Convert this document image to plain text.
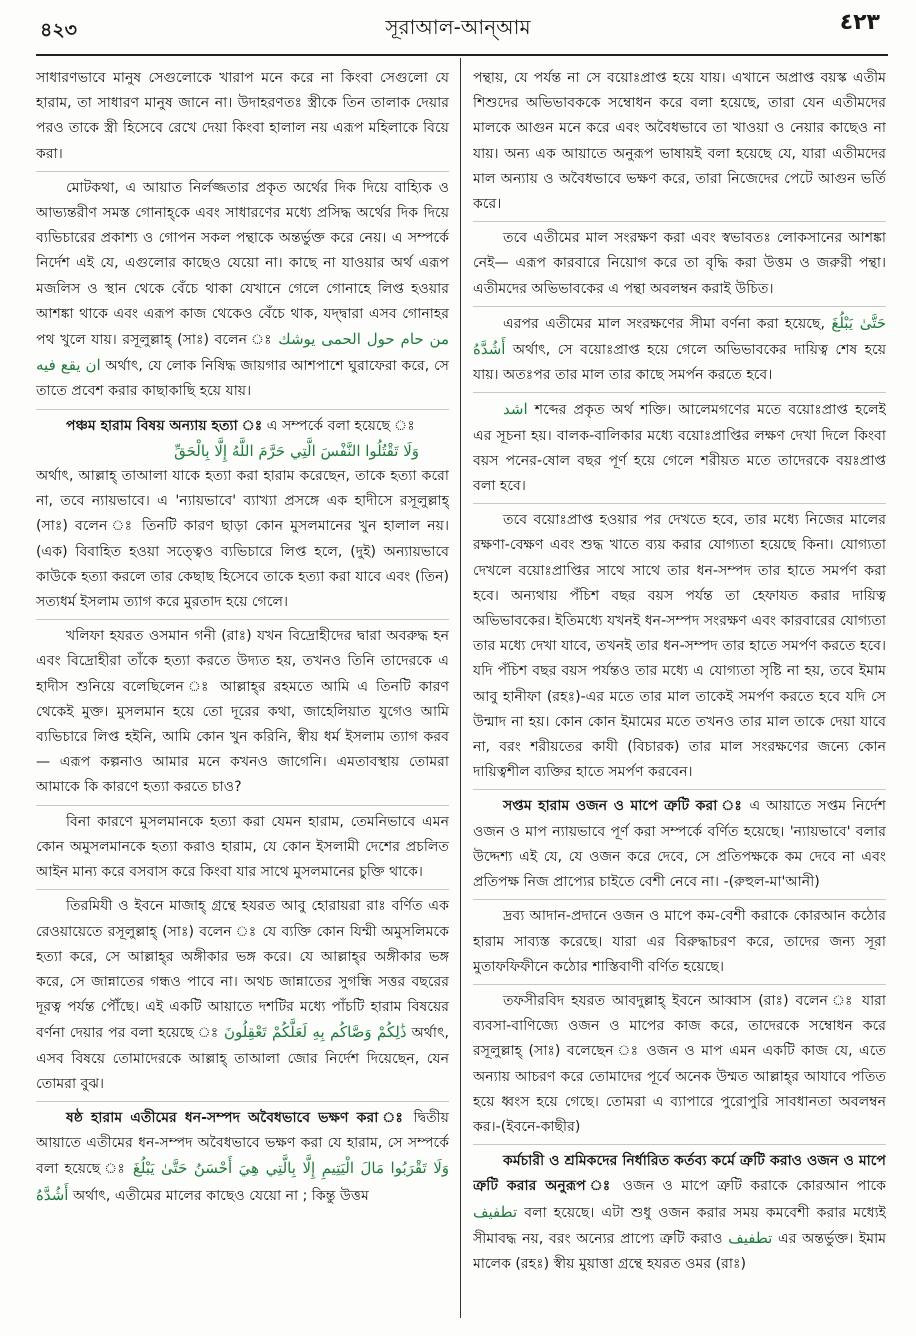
৪২৩	সূরাআল-আন্আম	٤٢٣

সাধারণভাবে মানুষ সেগুলোকে খারাপ মনে করে না কিংবা সেগুলো যে হারাম, তা সাধারণ মানুষ জানে না। উদাহরণতঃ স্ত্রীকে তিন তালাক দেয়ার পরও তাকে স্ত্রী হিসেবে রেখে দেয়া কিংবা হালাল নয় এরূপ মহিলাকে বিয়ে করা।

মোটকথা, এ আয়াত নির্লজ্জতার প্রকৃত অর্থের দিক দিয়ে বাহ্যিক ও আভ্যন্তরীণ সমস্ত গোনাহ্‌কে এবং সাধারণের মধ্যে প্রসিদ্ধ অর্থের দিক দিয়ে ব্যভিচারের প্রকাশ্য ও গোপন সকল পন্থাকে অন্তর্ভুক্ত করে নেয়। এ সম্পর্কে নির্দেশ এই যে, এগুলোর কাছেও যেয়ো না। কাছে না যাওয়ার অর্থ এরূপ মজলিস ও স্থান থেকে বেঁচে থাকা যেখানে গেলে গোনাহে লিপ্ত হওয়ার আশঙ্কা থাকে এবং এরূপ কাজ থেকেও বেঁচে থাক, যদ্দ্বারা এসব গোনাহর পথ খুলে যায়। রসূলুল্লাহ্ (সাঃ) বলেন ঃ من حام حول الحمى يوشك ان يقع فيه অর্থাৎ, যে লোক নিষিদ্ধ জায়গার আশপাশে ঘুরাফেরা করে, সে তাতে প্রবেশ করার কাছাকাছি হয়ে যায়।

পঞ্চম হারাম বিষয় অন্যায় হত্যা ঃ এ সম্পর্কে বলা হয়েছে ঃ
وَلَا تَقْتُلُوا النَّفْسَ الَّتِي حَرَّمَ اللَّهُ إِلَّا بِالْحَقِّ
অর্থাৎ, আল্লাহ্ তাআলা যাকে হত্যা করা হারাম করেছেন, তাকে হত্যা করো না, তবে ন্যায়ভাবে। এ 'ন্যায়ভাবে' ব্যাখ্যা প্রসঙ্গে এক হাদীসে রসূলুল্লাহ্ (সাঃ) বলেন ঃ তিনটি কারণ ছাড়া কোন মুসলমানের খুন হালাল নয়। (এক) বিবাহিত হওয়া সত্ত্বেও ব্যভিচারে লিপ্ত হলে, (দুই) অন্যায়ভাবে কাউকে হত্যা করলে তার কেছাছ হিসেবে তাকে হত্যা করা যাবে এবং (তিন) সত্যধর্ম ইসলাম ত্যাগ করে মুরতাদ হয়ে গেলে।

খলিফা হযরত ওসমান গনী (রাঃ) যখন বিদ্রোহীদের দ্বারা অবরুদ্ধ হন এবং বিদ্রোহীরা তাঁকে হত্যা করতে উদ্যত হয়, তখনও তিনি তাদেরকে এ হাদীস শুনিয়ে বলেছিলেন ঃ আল্লাহ্‌র রহমতে আমি এ তিনটি কারণ থেকেই মুক্ত। মুসলমান হয়ে তো দূরের কথা, জাহেলিয়াত যুগেও আমি ব্যভিচারে লিপ্ত হইনি, আমি কোন খুন করিনি, স্বীয় ধর্ম ইসলাম ত্যাগ করব— এরূপ কল্পনাও আমার মনে কখনও জাগেনি। এমতাবস্থায় তোমরা আমাকে কি কারণে হত্যা করতে চাও?

বিনা কারণে মুসলমানকে হত্যা করা যেমন হারাম, তেমনিভাবে এমন কোন অমুসলমানকে হত্যা করাও হারাম, যে কোন ইসলামী দেশের প্রচলিত আইন মান্য করে বসবাস করে কিংবা যার সাথে মুসলমানের চুক্তি থাকে।

তিরমিযী ও ইবনে মাজাহ্ গ্রন্থে হযরত আবু হোরায়রা রাঃ বর্ণিত এক রেওয়ায়েতে রসূলুল্লাহ্ (সাঃ) বলেন ঃ যে ব্যক্তি কোন যিম্মী অমুসলিমকে হত্যা করে, সে আল্লাহ্‌র অঙ্গীকার ভঙ্গ করে। যে আল্লাহ্‌র অঙ্গীকার ভঙ্গ করে, সে জান্নাতের গন্ধও পাবে না। অথচ জান্নাতের সুগন্ধি সত্তর বছরের দূরত্ব পর্যন্ত পৌঁছে। এই একটি আয়াতে দশটির মধ্যে পাঁচটি হারাম বিষয়ের বর্ণনা দেয়ার পর বলা হয়েছে ঃ ذَٰلِكُمْ وَصَّاكُم بِهِ لَعَلَّكُمْ تَعْقِلُونَ অর্থাৎ, এসব বিষয়ে তোমাদেরকে আল্লাহ্ তাআলা জোর নির্দেশ দিয়েছেন, যেন তোমরা বুঝ।

ষষ্ঠ হারাম এতীমের ধন-সম্পদ অবৈধভাবে ভক্ষণ করা ঃ দ্বিতীয় আয়াতে এতীমের ধন-সম্পদ অবৈধভাবে ভক্ষণ করা যে হারাম, সে সম্পর্কে বলা হয়েছে ঃ وَلَا تَقْرَبُوا مَالَ الْيَتِيمِ إِلَّا بِالَّتِي هِيَ أَحْسَنُ حَتَّىٰ يَبْلُغَ أَشُدَّهُ অর্থাৎ, এতীমের মালের কাছেও যেয়ো না ; কিন্তু উত্তম

পন্থায়, যে পর্যন্ত না সে বয়োঃপ্রাপ্ত হয়ে যায়। এখানে অপ্রাপ্ত বয়স্ক এতীম শিশুদের অভিভাবককে সম্বোধন করে বলা হয়েছে, তারা যেন এতীমদের মালকে আগুন মনে করে এবং অবৈধভাবে তা খাওয়া ও নেয়ার কাছেও না যায়। অন্য এক আয়াতে অনুরূপ ভাষায়ই বলা হয়েছে যে, যারা এতীমদের মাল অন্যায় ও অবৈধভাবে ভক্ষণ করে, তারা নিজেদের পেটে আগুন ভর্তি করে।

তবে এতীমের মাল সংরক্ষণ করা এবং স্বভাবতঃ লোকসানের আশঙ্কা নেই— এরূপ কারবারে নিয়োগ করে তা বৃদ্ধি করা উত্তম ও জরুরী পন্থা। এতীমদের অভিভাবকের এ পন্থা অবলম্বন করাই উচিত।

এরপর এতীমের মাল সংরক্ষণের সীমা বর্ণনা করা হয়েছে, حَتَّىٰ يَبْلُغَ أَشُدَّهُ অর্থাৎ, সে বয়োঃপ্রাপ্ত হয়ে গেলে অভিভাবকের দায়িত্ব শেষ হয়ে যায়। অতঃপর তার মাল তার কাছে সমর্পন করতে হবে।

اشد শব্দের প্রকৃত অর্থ শক্তি। আলেমগণের মতে বয়োঃপ্রাপ্ত হলেই এর সূচনা হয়। বালক-বালিকার মধ্যে বয়োঃপ্রাপ্তির লক্ষণ দেখা দিলে কিংবা বয়স পনের-ষোল বছর পূর্ণ হয়ে গেলে শরীয়ত মতে তাদেরকে বয়ঃপ্রাপ্ত বলা হবে।

তবে বয়োঃপ্রাপ্ত হওয়ার পর দেখতে হবে, তার মধ্যে নিজের মালের রক্ষণা-বেক্ষণ এবং শুদ্ধ খাতে ব্যয় করার যোগ্যতা হয়েছে কিনা। যোগ্যতা দেখলে বয়োঃপ্রাপ্তির সাথে সাথে তার ধন-সম্পদ তার হাতে সমর্পণ করা হবে। অন্যথায় পঁচিশ বছর বয়স পর্যন্ত তা হেফাযত করার দায়িত্ব অভিভাবকের। ইতিমধ্যে যখনই ধন-সম্পদ সংরক্ষণ এবং কারবারের যোগ্যতা তার মধ্যে দেখা যাবে, তখনই তার ধন-সম্পদ তার হাতে সমর্পণ করতে হবে। যদি পঁচিশ বছর বয়স পর্যন্তও তার মধ্যে এ যোগ্যতা সৃষ্টি না হয়, তবে ইমাম আবু হানীফা (রহঃ)-এর মতে তার মাল তাকেই সমর্পণ করতে হবে যদি সে উন্মাদ না হয়। কোন কোন ইমামের মতে তখনও তার মাল তাকে দেয়া যাবে না, বরং শরীয়তের কাযী (বিচারক) তার মাল সংরক্ষণের জন্যে কোন দায়িত্বশীল ব্যক্তির হাতে সমর্পণ করবেন।

সপ্তম হারাম ওজন ও মাপে ত্রুটি করা ঃ এ আয়াতে সপ্তম নির্দেশ ওজন ও মাপ ন্যায়ভাবে পূর্ণ করা সম্পর্কে বর্ণিত হয়েছে। 'ন্যায়ভাবে' বলার উদ্দেশ্য এই যে, যে ওজন করে দেবে, সে প্রতিপক্ষকে কম দেবে না এবং প্রতিপক্ষ নিজ প্রাপ্যের চাইতে বেশী নেবে না। -(রুহুল-মা'আনী)

দ্রব্য আদান-প্রদানে ওজন ও মাপে কম-বেশী করাকে কোরআন কঠোর হারাম সাব্যস্ত করেছে। যারা এর বিরুদ্ধাচরণ করে, তাদের জন্য সূরা মুতাফফিফীনে কঠোর শাস্তিবাণী বর্ণিত হয়েছে।

তফসীরবিদ হযরত আবদুল্লাহ্ ইবনে আব্বাস (রাঃ) বলেন ঃ যারা ব্যবসা-বাণিজ্যে ওজন ও মাপের কাজ করে, তাদেরকে সম্বোধন করে রসূলুল্লাহ্ (সাঃ) বলেছেন ঃ ওজন ও মাপ এমন একটি কাজ যে, এতে অন্যায় আচরণ করে তোমাদের পূর্বে অনেক উম্মত আল্লাহ্‌র আযাবে পতিত হয়ে ধ্বংস হয়ে গেছে। তোমরা এ ব্যাপারে পুরোপুরি সাবধানতা অবলম্বন কর।-(ইবনে-কাছীর)

কর্মচারী ও শ্রমিকদের নির্ধারিত কর্তব্য কর্মে ত্রুটি করাও ওজন ও মাপে ত্রুটি করার অনুরূপ ঃ ওজন ও মাপে ত্রুটি করাকে কোরআন পাকে تطفيف বলা হয়েছে। এটা শুধু ওজন করার সময় কমবেশী করার মধ্যেই সীমাবদ্ধ নয়, বরং অন্যের প্রাপ্যে ত্রুটি করাও تطفيف এর অন্তর্ভুক্ত। ইমাম মালেক (রহঃ) স্বীয় মুয়াত্তা গ্রন্থে হযরত ওমর (রাঃ)
